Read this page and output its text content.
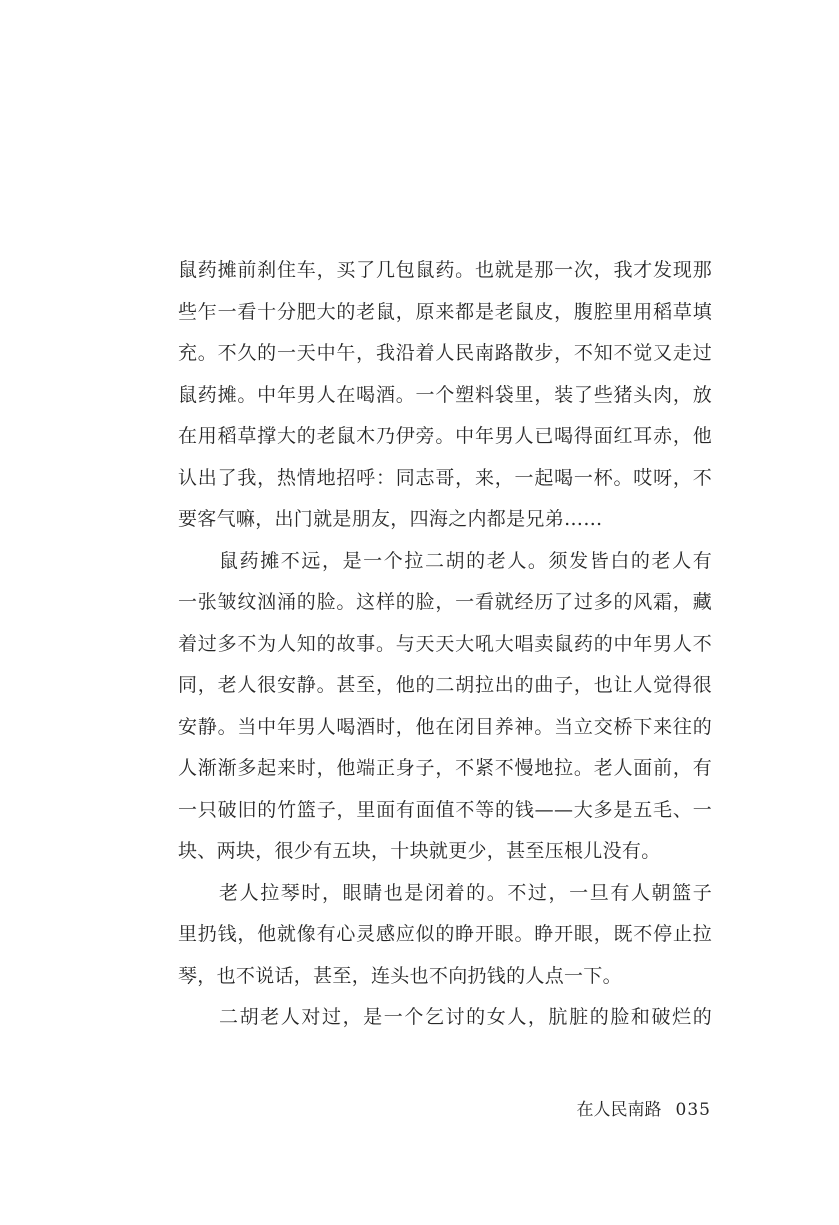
鼠药摊前刹住车，买了几包鼠药。也就是那一次，我才发现那
些乍一看十分肥大的老鼠，原来都是老鼠皮，腹腔里用稻草填
充。不久的一天中午，我沿着人民南路散步，不知不觉又走过
鼠药摊。中年男人在喝酒。一个塑料袋里，装了些猪头肉，放
在用稻草撑大的老鼠木乃伊旁。中年男人已喝得面红耳赤，他
认出了我，热情地招呼：同志哥，来，一起喝一杯。哎呀，不
要客气嘛，出门就是朋友，四海之内都是兄弟……
鼠药摊不远，是一个拉二胡的老人。须发皆白的老人有
一张皱纹汹涌的脸。这样的脸，一看就经历了过多的风霜，藏
着过多不为人知的故事。与天天大吼大唱卖鼠药的中年男人不
同，老人很安静。甚至，他的二胡拉出的曲子，也让人觉得很
安静。当中年男人喝酒时，他在闭目养神。当立交桥下来往的
人渐渐多起来时，他端正身子，不紧不慢地拉。老人面前，有
一只破旧的竹篮子，里面有面值不等的钱——大多是五毛、一
块、两块，很少有五块，十块就更少，甚至压根儿没有。
老人拉琴时，眼睛也是闭着的。不过，一旦有人朝篮子
里扔钱，他就像有心灵感应似的睁开眼。睁开眼，既不停止拉
琴，也不说话，甚至，连头也不向扔钱的人点一下。
二胡老人对过，是一个乞讨的女人，肮脏的脸和破烂的
在人民南路 035
